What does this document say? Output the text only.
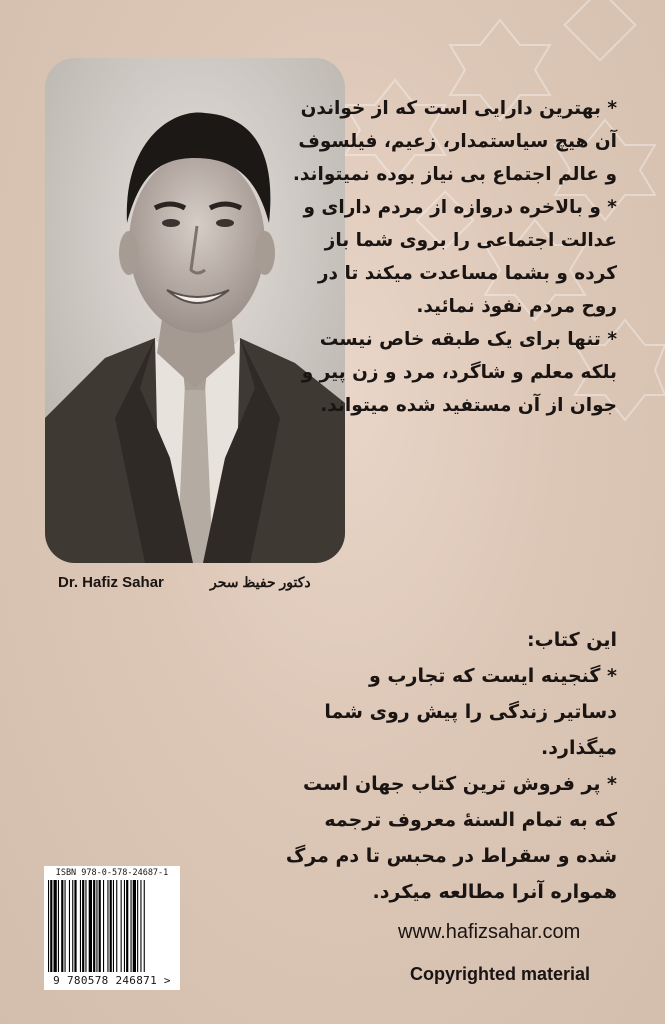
Dr. Hafiz Sahar	دکتور حفیظ سحر
* بهترین دارایی است که از خواندن
آن هیچ سیاستمدار، زعیم، فیلسوف
و عالم اجتماع بی نیاز بوده نمیتواند.
* و بالاخره دروازه از مردم دارای و
عدالت اجتماعی را بروی شما باز
کرده و بشما مساعدت میکند تا در
روح مردم نفوذ نمائید.
* تنها برای یک طبقه خاص نیست
بلکه معلم و شاگرد، مرد و زن پیر و
جوان از آن مستفید شده میتواند.
این کتاب:
* گنجینه ایست که تجارب و
دساتیر زندگی را پیش روی شما
میگذارد.
* پر فروش ترین کتاب جهان است
که به تمام السنۀ معروف ترجمه
شده و سقراط در محبس تا دم مرگ
همواره آنرا مطالعه میکرد.
ISBN 978-0-578-24687-1
9 780578 246871 >
www.hafizsahar.com
Copyrighted material
